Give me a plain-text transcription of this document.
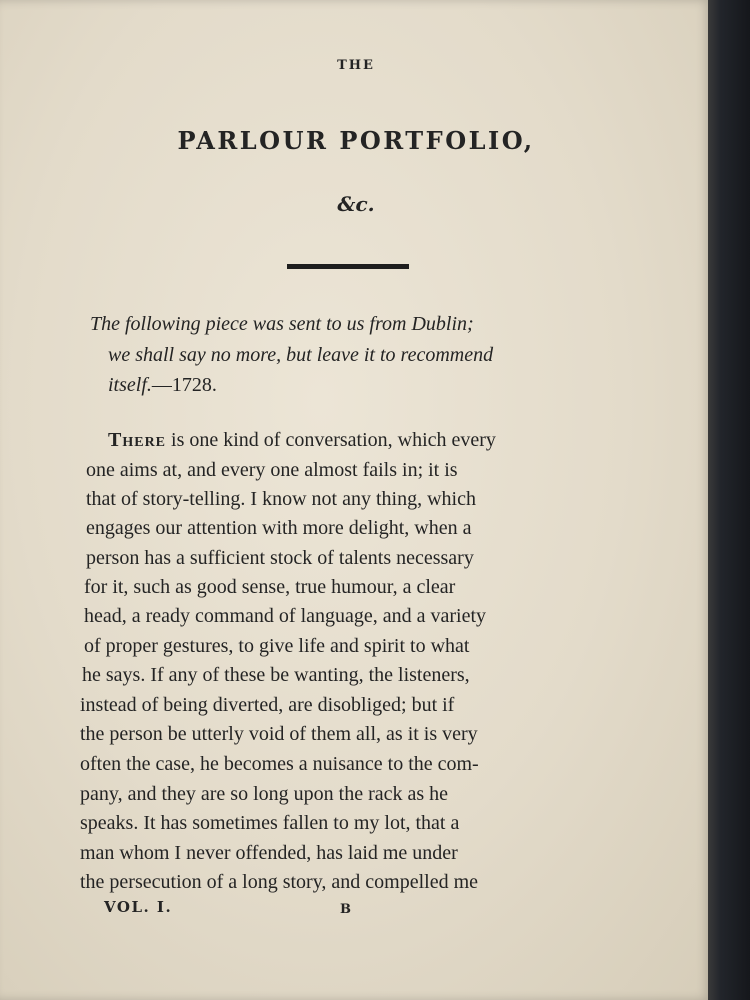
THE
PARLOUR PORTFOLIO,
&c.
The following piece was sent to us from Dublin;
we shall say no more, but leave it to recommend
itself.—1728.
There is one kind of conversation, which every
one aims at, and every one almost fails in; it is
that of story-telling. I know not any thing, which
engages our attention with more delight, when a
person has a sufficient stock of talents necessary
for it, such as good sense, true humour, a clear
head, a ready command of language, and a variety
of proper gestures, to give life and spirit to what
he says. If any of these be wanting, the listeners,
instead of being diverted, are disobliged; but if
the person be utterly void of them all, as it is very
often the case, he becomes a nuisance to the com-
pany, and they are so long upon the rack as he
speaks. It has sometimes fallen to my lot, that a
man whom I never offended, has laid me under
the persecution of a long story, and compelled me
VOL. I.	B
